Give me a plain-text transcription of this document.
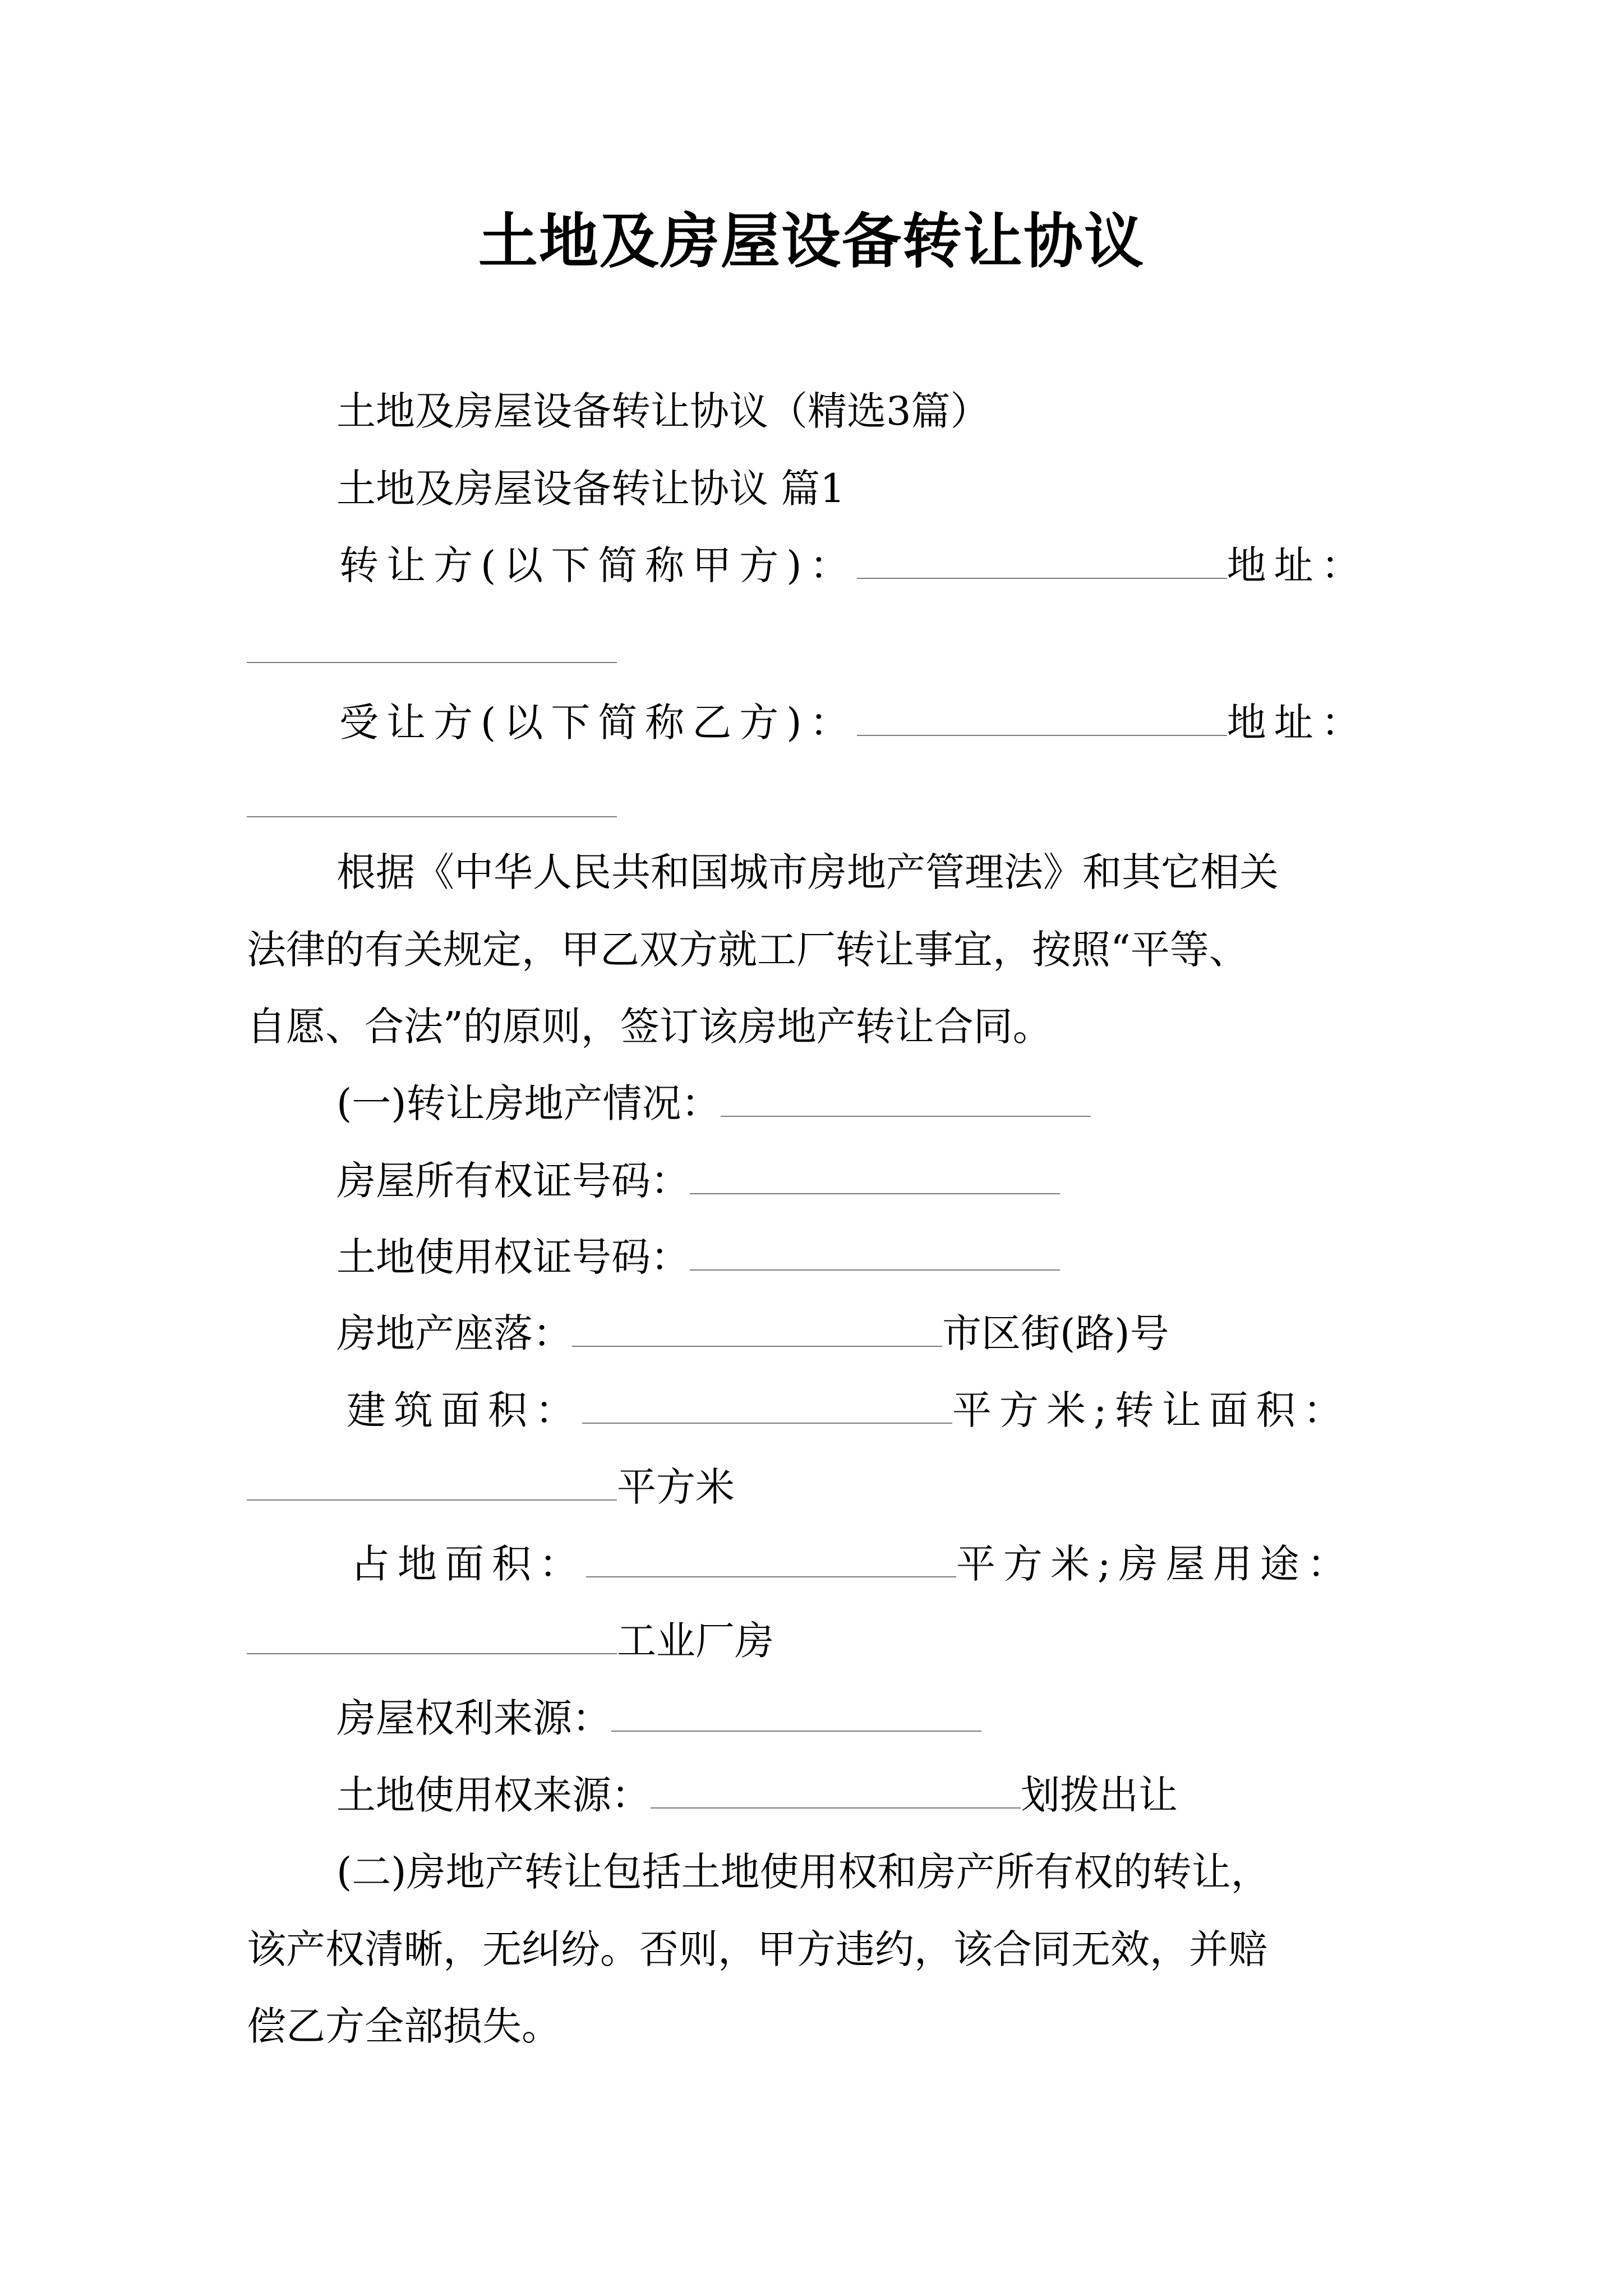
土地及房屋设备转让协议
土地及房屋设备转让协议（精选3篇）
土地及房屋设备转让协议 篇1
转让方(以下简称甲方)：	地址：
受让方(以下简称乙方)：	地址：
根据《中华人民共和国城市房地产管理法》和其它相关
法律的有关规定，甲乙双方就工厂转让事宜，按照“平等、
自愿、合法”的原则，签订该房地产转让合同。
(一)转让房地产情况：
房屋所有权证号码：
土地使用权证号码：
房地产座落：	市区街(路)号
建筑面积：	平方米;转让面积：
平方米
占地面积：	平方米;房屋用途：
工业厂房
房屋权利来源：
土地使用权来源：	划拨出让
(二)房地产转让包括土地使用权和房产所有权的转让，
该产权清晰，无纠纷。否则，甲方违约，该合同无效，并赔
偿乙方全部损失。
